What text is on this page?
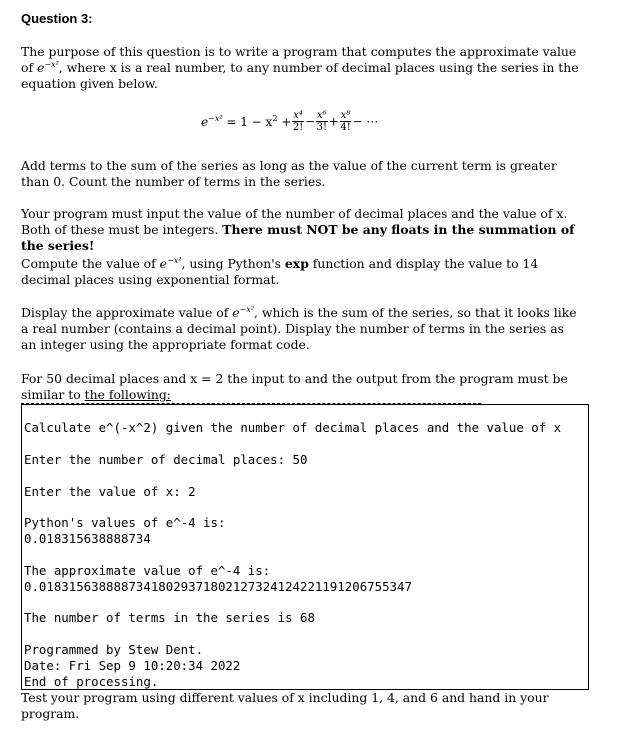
Question 3:

The purpose of this question is to write a program that computes the approximate value of $e^{-x^2}$, where x is a real number, to any number of decimal places using the series in the equation given below.

$e^{-x^2} = 1 - x^2 + \frac{\text{x⁴}}{2!} - \frac{\text{x⁶}}{3!} + \frac{\text{x⁸}}{4!}$ − ⋯

Add terms to the sum of the series as long as the value of the current term is greater than 0. Count the number of terms in the series.

Your program must input the value of the number of decimal places and the value of x. Both of these must be integers. There must NOT be any floats in the summation of the series!

Compute the value of $e^{-x^2}$, using Python's exp function and display the value to 14 decimal places using exponential format.

Display the approximate value of $e^{-x^2}$, which is the sum of the series, so that it looks like a real number (contains a decimal point). Display the number of terms in the series as an integer using the appropriate format code.

For 50 decimal places and x = 2 the input to and the output from the program must be similar to the following:

Calculate e^(-x^2) given the number of decimal places and the value of x
Enter the number of decimal places: 50
Enter the value of x: 2
Python's values of e^-4 is:
0.018315638888734
The approximate value of e^-4 is:
0.01831563888873418029371802127324124221191206755347
The number of terms in the series is 68
Programmed by Stew Dent.
Date: Fri Sep 9 10:20:34 2022
End of processing.

Test your program using different values of x including 1, 4, and 6 and hand in your program.
